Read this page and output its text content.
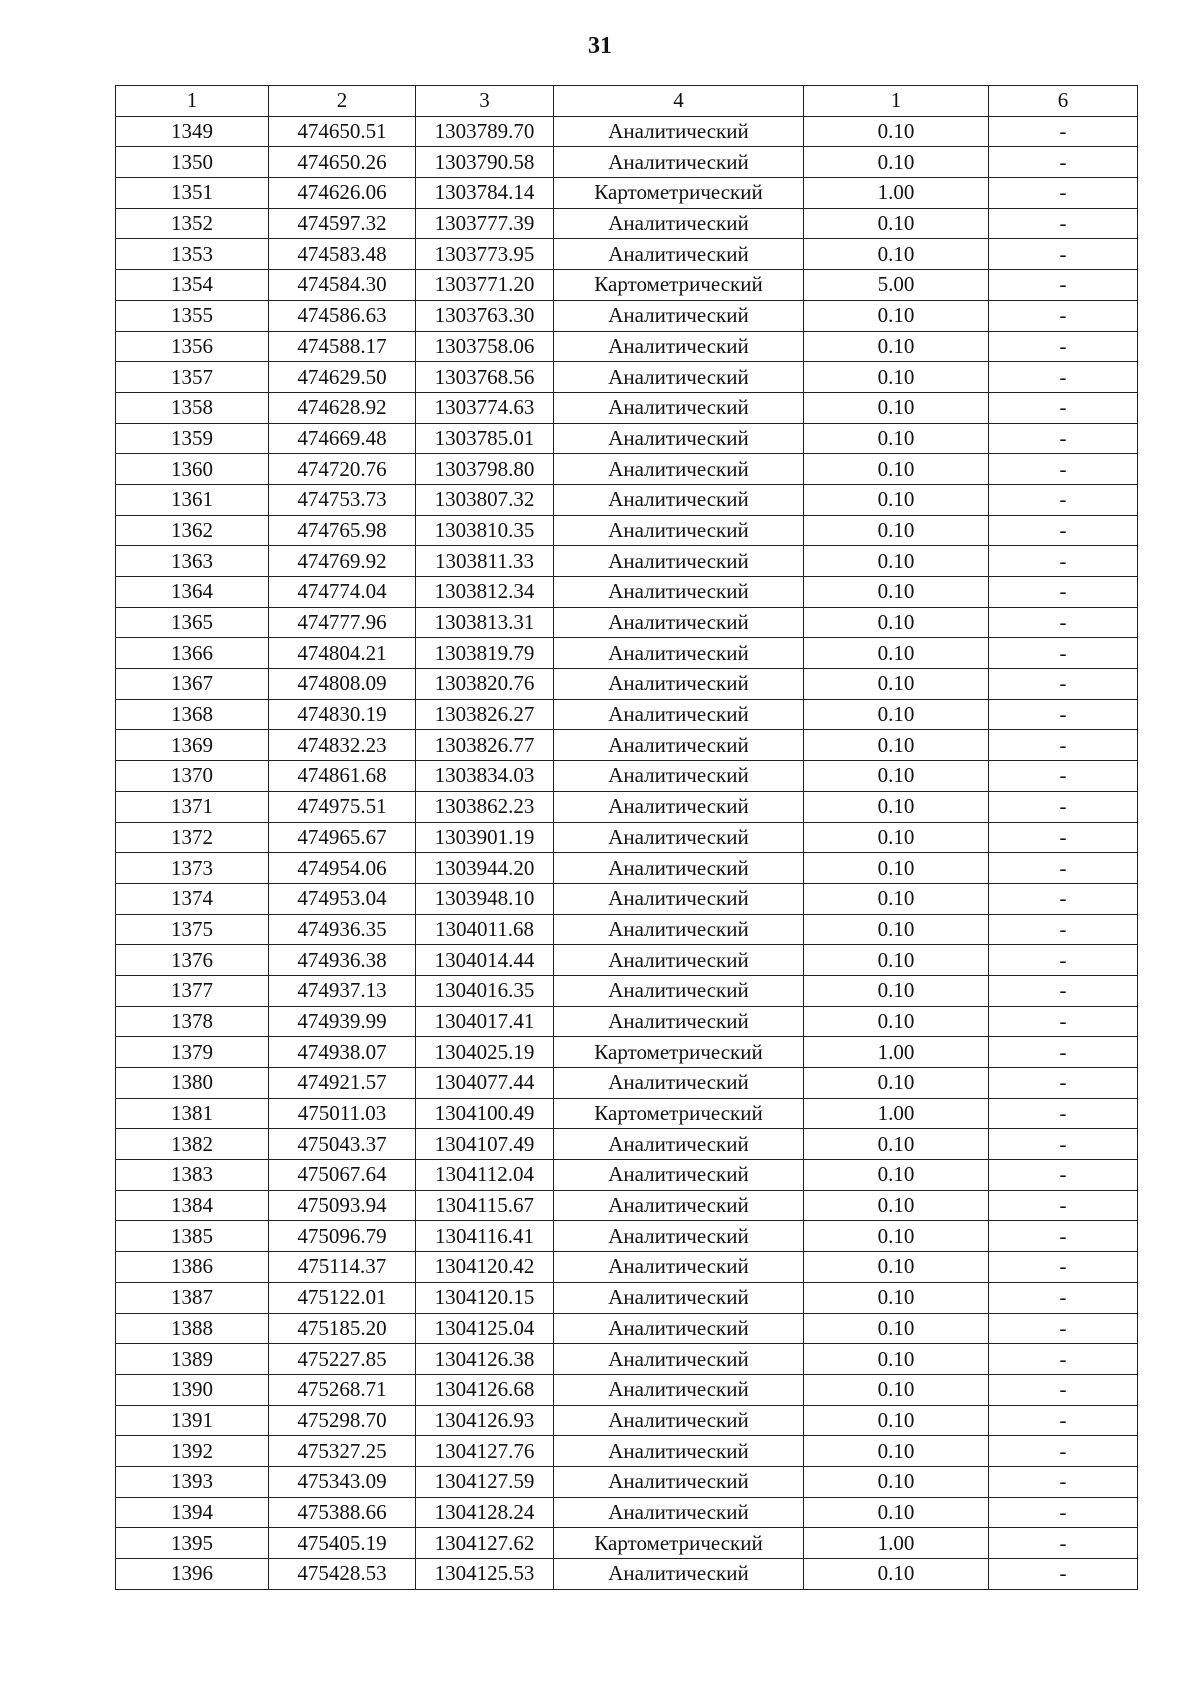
31
1	2	3	4	1	6
1349	474650.51	1303789.70	Аналитический	0.10	-
1350	474650.26	1303790.58	Аналитический	0.10	-
1351	474626.06	1303784.14	Картометрический	1.00	-
1352	474597.32	1303777.39	Аналитический	0.10	-
1353	474583.48	1303773.95	Аналитический	0.10	-
1354	474584.30	1303771.20	Картометрический	5.00	-
1355	474586.63	1303763.30	Аналитический	0.10	-
1356	474588.17	1303758.06	Аналитический	0.10	-
1357	474629.50	1303768.56	Аналитический	0.10	-
1358	474628.92	1303774.63	Аналитический	0.10	-
1359	474669.48	1303785.01	Аналитический	0.10	-
1360	474720.76	1303798.80	Аналитический	0.10	-
1361	474753.73	1303807.32	Аналитический	0.10	-
1362	474765.98	1303810.35	Аналитический	0.10	-
1363	474769.92	1303811.33	Аналитический	0.10	-
1364	474774.04	1303812.34	Аналитический	0.10	-
1365	474777.96	1303813.31	Аналитический	0.10	-
1366	474804.21	1303819.79	Аналитический	0.10	-
1367	474808.09	1303820.76	Аналитический	0.10	-
1368	474830.19	1303826.27	Аналитический	0.10	-
1369	474832.23	1303826.77	Аналитический	0.10	-
1370	474861.68	1303834.03	Аналитический	0.10	-
1371	474975.51	1303862.23	Аналитический	0.10	-
1372	474965.67	1303901.19	Аналитический	0.10	-
1373	474954.06	1303944.20	Аналитический	0.10	-
1374	474953.04	1303948.10	Аналитический	0.10	-
1375	474936.35	1304011.68	Аналитический	0.10	-
1376	474936.38	1304014.44	Аналитический	0.10	-
1377	474937.13	1304016.35	Аналитический	0.10	-
1378	474939.99	1304017.41	Аналитический	0.10	-
1379	474938.07	1304025.19	Картометрический	1.00	-
1380	474921.57	1304077.44	Аналитический	0.10	-
1381	475011.03	1304100.49	Картометрический	1.00	-
1382	475043.37	1304107.49	Аналитический	0.10	-
1383	475067.64	1304112.04	Аналитический	0.10	-
1384	475093.94	1304115.67	Аналитический	0.10	-
1385	475096.79	1304116.41	Аналитический	0.10	-
1386	475114.37	1304120.42	Аналитический	0.10	-
1387	475122.01	1304120.15	Аналитический	0.10	-
1388	475185.20	1304125.04	Аналитический	0.10	-
1389	475227.85	1304126.38	Аналитический	0.10	-
1390	475268.71	1304126.68	Аналитический	0.10	-
1391	475298.70	1304126.93	Аналитический	0.10	-
1392	475327.25	1304127.76	Аналитический	0.10	-
1393	475343.09	1304127.59	Аналитический	0.10	-
1394	475388.66	1304128.24	Аналитический	0.10	-
1395	475405.19	1304127.62	Картометрический	1.00	-
1396	475428.53	1304125.53	Аналитический	0.10	-
